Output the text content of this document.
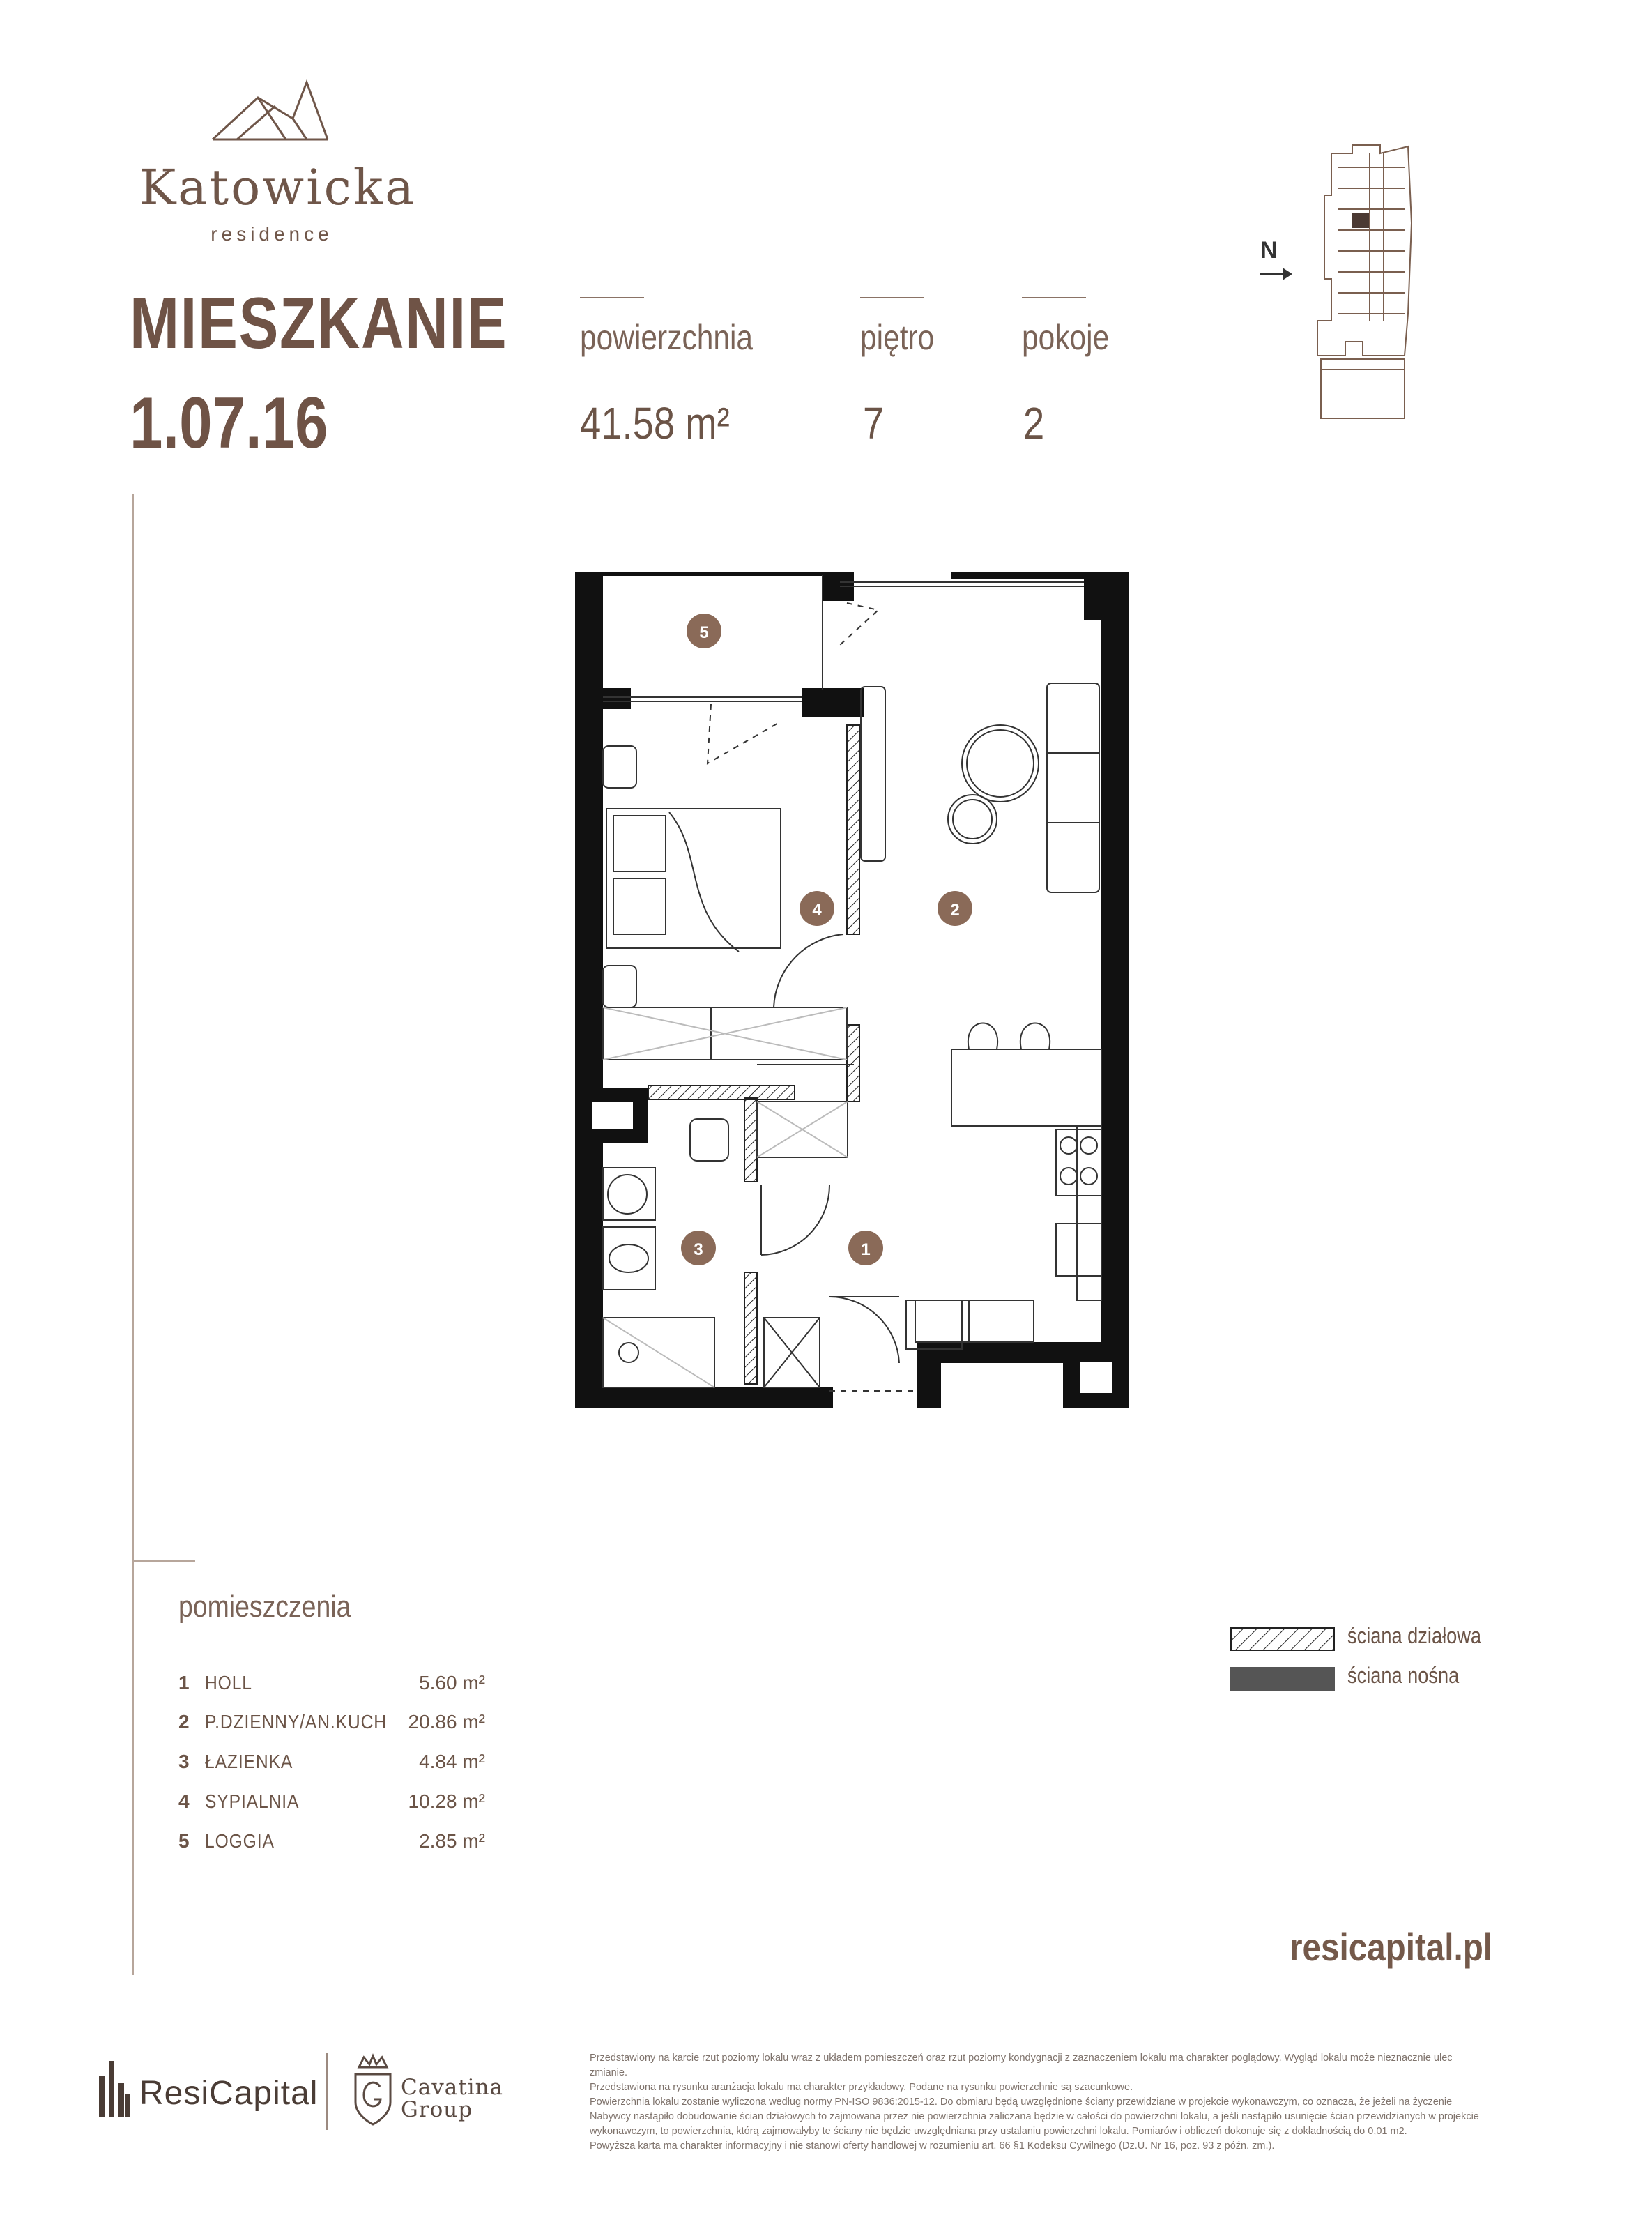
Katowicka
residence
MIESZKANIE
1.07.16
powierzchnia
41.58 m²
piętro
7
pokoje
2
N
5
2
4
3	1
pomieszczenia
1 HOLL	5.60 m²
2 P.DZIENNY/AN.KUCH 20.86 m²
3 ŁAZIENKA	4.84 m²
4 SYPIALNIA	10.28 m²
5 LOGGIA	2.85 m²
ściana działowa
ściana nośna
resicapital.pl
ResiCapital	Cavatina
Group

Przedstawiony na karcie rzut poziomy lokalu wraz z układem pomieszczeń oraz rzut poziomy kondygnacji z zaznaczeniem lokalu ma charakter poglądowy. Wygląd lokalu może nieznacznie ulec zmianie.

Przedstawiona na rysunku aranżacja lokalu ma charakter przykładowy. Podane na rysunku powierzchnie są szacunkowe.

Powierzchnia lokalu zostanie wyliczona według normy PN-ISO 9836:2015-12. Do obmiaru będą uwzględnione ściany przewidziane w projekcie wykonawczym, co oznacza, że jeżeli na życzenie

Nabywcy nastąpiło dobudowanie ścian działowych to zajmowana przez nie powierzchnia zaliczana będzie w całości do powierzchni lokalu, a jeśli nastąpiło usunięcie ścian przewidzianych w projekcie

wykonawczym, to powierzchnia, którą zajmowałyby te ściany nie będzie uwzględniana przy ustalaniu powierzchni lokalu. Pomiarów i obliczeń dokonuje się z dokładnością do 0,01 m2.

Powyższa karta ma charakter informacyjny i nie stanowi oferty handlowej w rozumieniu art. 66 §1 Kodeksu Cywilnego (Dz.U. Nr 16, poz. 93 z późn. zm.).
